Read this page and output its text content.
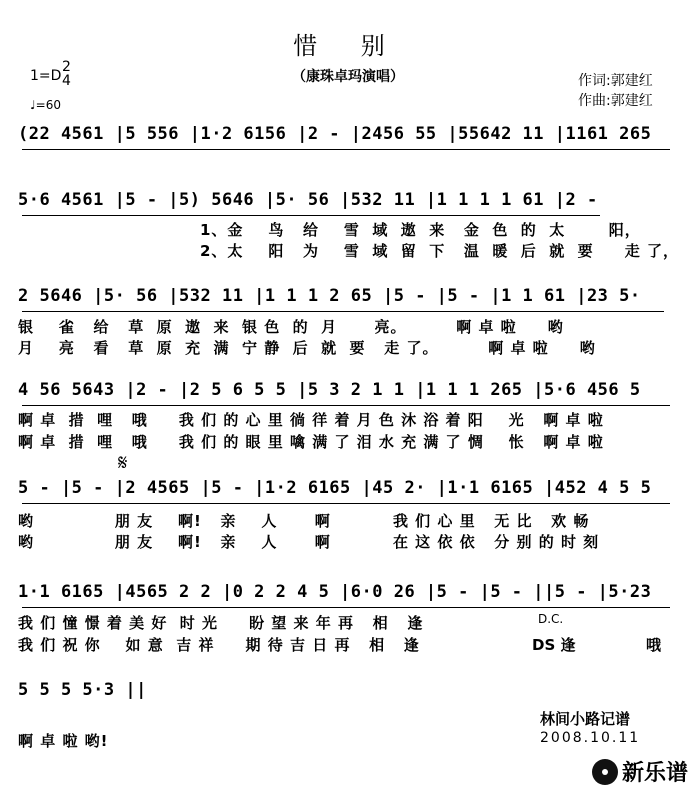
惜 别
（康珠卓玛演唱）
1=D
2
4
♩=60
作词:郭建红
作曲:郭建红
(22 4561 |5 556 |1·2 6156 |2 - |2456 55 |55642 11 |1161 265
5·6 4561 |5 - |5) 5646 |5· 56 |532 11 |1 1 1 1 61 |2 -
1、金    鸟   给    雪  域  遨  来   金  色  的  太       阳，
2、太    阳   为    雪  域  留  下   温  暖  后  就  要     走 了，
2 5646 |5· 56 |532 11 |1 1 1 2 65 |5 - |5 - |1 1 61 |23 5·
银    雀   给   草  原  遨  来  银 色  的  月      亮。        啊 卓 啦     哟
月    亮   看   草  原  充  满  宁 静  后  就  要   走 了。        啊 卓 啦     哟
4 56 5643 |2 - |2 5 6 5 5 |5 3 2 1 1 |1 1 1 265 |5·6 456 5
啊 卓  措  哩   哦     我 们 的 心 里 徜 徉 着 月 色 沐 浴 着 阳    光   啊 卓 啦
啊 卓  措  哩   哦     我 们 的 眼 里 噙 满 了 泪 水 充 满 了 惆    怅   啊 卓 啦
𝄋
5 - |5 - |2 4565 |5 - |1·2 6165 |45 2· |1·1 6165 |452 4 5 5
哟             朋 友    啊!   亲    人      啊          我 们 心 里   无 比   欢 畅
哟             朋 友    啊!   亲    人      啊          在 这 依 依   分 别 的 时 刻
1·1 6165 |4565 2 2 |0 2 2 4 5 |6·0 26 |5 - |5 - ||5 - |5·23
我 们 憧 憬 着 美 好  时 光     盼 望 来 年 再   相   逢
我 们 祝 你    如 意  吉 祥     期 待 吉 日 再   相   逢
D.C.
DS 逢	哦
5 5 5 5·3 ||
啊 卓 啦 哟!
林间小路记谱
2008.10.11
新乐谱
